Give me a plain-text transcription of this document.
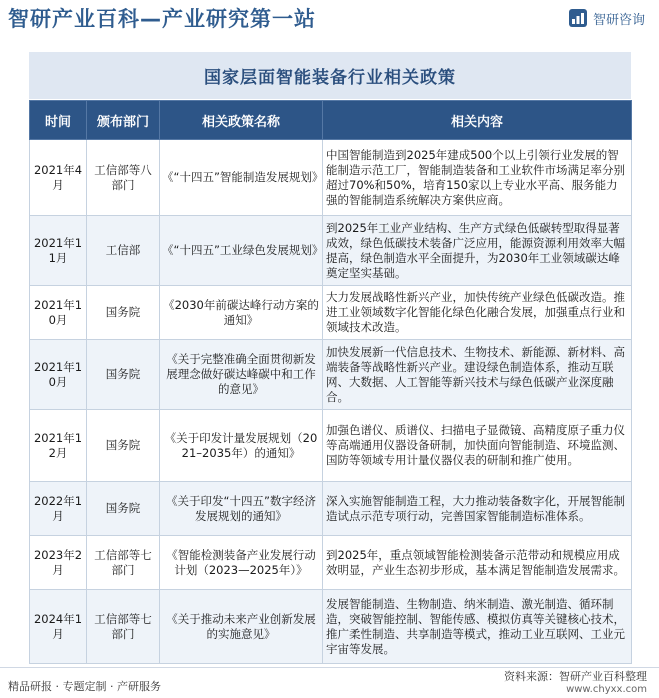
智研产业百科—产业研究第一站	智研咨询
国家层面智能装备行业相关政策
时间	颁布部门	相关政策名称	相关内容
2021年4月	工信部等八部门	《“十四五”智能制造发展规划》	中国智能制造到2025年建成500个以上引领行业发展的智能制造示范工厂，智能制造装备和工业软件市场满足率分别超过70%和50%，培育150家以上专业水平高、服务能力强的智能制造系统解决方案供应商。
2021年11月	工信部	《“十四五”工业绿色发展规划》	到2025年工业产业结构、生产方式绿色低碳转型取得显著成效，绿色低碳技术装备广泛应用，能源资源利用效率大幅提高，绿色制造水平全面提升，为2030年工业领域碳达峰奠定坚实基础。
2021年10月	国务院	《2030年前碳达峰行动方案的通知》	大力发展战略性新兴产业，加快传统产业绿色低碳改造。推进工业领域数字化智能化绿色化融合发展，加强重点行业和领域技术改造。
2021年10月	国务院	《关于完整准确全面贯彻新发展理念做好碳达峰碳中和工作的意见》	加快发展新一代信息技术、生物技术、新能源、新材料、高端装备等战略性新兴产业。建设绿色制造体系，推动互联网、大数据、人工智能等新兴技术与绿色低碳产业深度融合。
2021年12月	国务院	《关于印发计量发展规划（2021–2035年）的通知》	加强色谱仪、质谱仪、扫描电子显微镜、高精度原子重力仪等高端通用仪器设备研制，加快面向智能制造、环境监测、国防等领域专用计量仪器仪表的研制和推广使用。
2022年1月	国务院	《关于印发“十四五”数字经济发展规划的通知》	深入实施智能制造工程，大力推动装备数字化，开展智能制造试点示范专项行动，完善国家智能制造标准体系。
2023年2月	工信部等七部门	《智能检测装备产业发展行动计划（2023—2025年）》	到2025年，重点领域智能检测装备示范带动和规模应用成效明显，产业生态初步形成，基本满足智能制造发展需求。
2024年1月	工信部等七部门	《关于推动未来产业创新发展的实施意见》	发展智能制造、生物制造、纳米制造、激光制造、循环制造，突破智能控制、智能传感、模拟仿真等关键核心技术，推广柔性制造、共享制造等模式，推动工业互联网、工业元宇宙等发展。
精品研报 · 专题定制 · 产研服务
资料来源：智研产业百科整理
www.chyxx.com
